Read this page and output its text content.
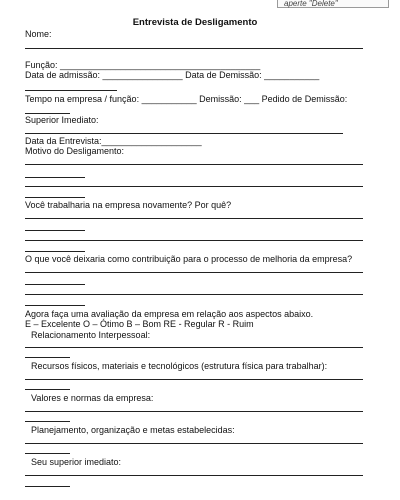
aperte "Delete"
Entrevista de Desligamento
Nome:
Função: ________________________________________
Data de admissão: ________________ Data de Demissão: ___________
Tempo na empresa / função: ___________ Demissão: ___ Pedido de Demissão:
Superior Imediato:
Data da Entrevista:____________________
Motivo do Desligamento:
Você trabalharia na empresa novamente? Por quê?
O que você deixaria como contribuição para o processo de melhoria da empresa?
Agora faça uma avaliação da empresa em relação aos aspectos abaixo.
E – Excelente O – Ótimo B – Bom RE - Regular R - Ruim
Relacionamento Interpessoal:
Recursos físicos, materiais e tecnológicos (estrutura física para trabalhar):
Valores e normas da empresa:
Planejamento, organização e metas estabelecidas:
Seu superior imediato:
